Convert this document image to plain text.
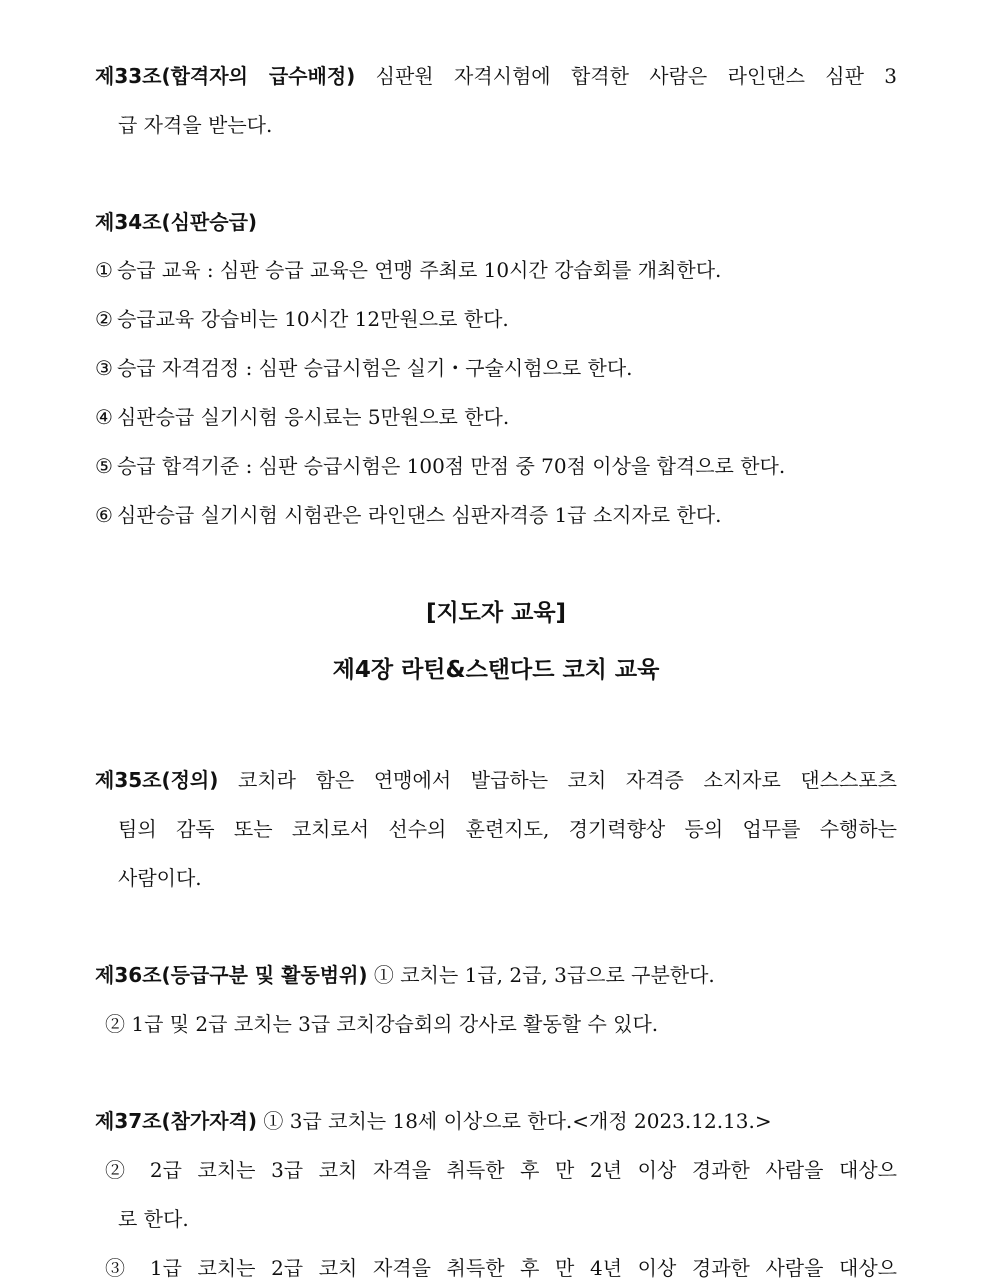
제33조(합격자의 급수배정) 심판원 자격시험에 합격한 사람은 라인댄스 심판 3
급 자격을 받는다.
제34조(심판승급)
① 승급 교육 : 심판 승급 교육은 연맹 주최로 10시간 강습회를 개최한다.
② 승급교육 강습비는 10시간 12만원으로 한다.
③ 승급 자격검정 : 심판 승급시험은 실기・구술시험으로 한다.
④ 심판승급 실기시험 응시료는 5만원으로 한다.
⑤ 승급 합격기준 : 심판 승급시험은 100점 만점 중 70점 이상을 합격으로 한다.
⑥ 심판승급 실기시험 시험관은 라인댄스 심판자격증 1급 소지자로 한다.
[지도자 교육]
제4장 라틴&스탠다드 코치 교육
제35조(정의) 코치라 함은 연맹에서 발급하는 코치 자격증 소지자로 댄스스포츠
팀의 감독 또는 코치로서 선수의 훈련지도, 경기력향상 등의 업무를 수행하는
사람이다.
제36조(등급구분 및 활동범위) ① 코치는 1급, 2급, 3급으로 구분한다.
② 1급 및 2급 코치는 3급 코치강습회의 강사로 활동할 수 있다.
제37조(참가자격) ① 3급 코치는 18세 이상으로 한다.<개정 2023.12.13.>
② 2급 코치는 3급 코치 자격을 취득한 후 만 2년 이상 경과한 사람을 대상으
로 한다.
③ 1급 코치는 2급 코치 자격을 취득한 후 만 4년 이상 경과한 사람을 대상으
